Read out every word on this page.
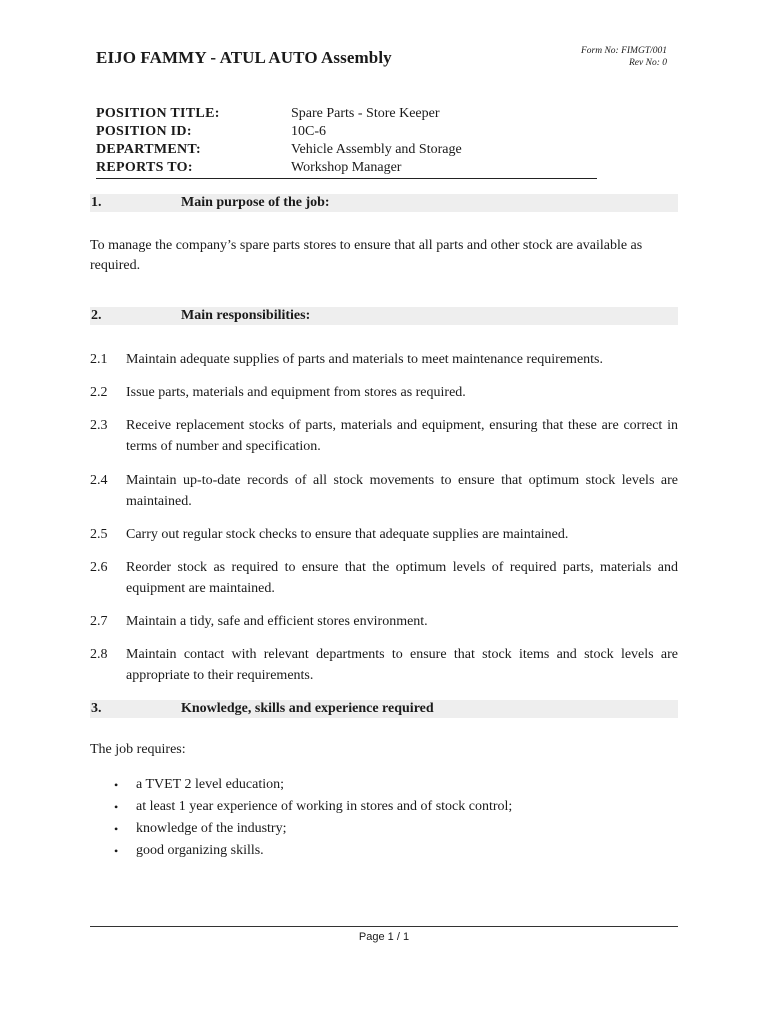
EIJO FAMMY - ATUL AUTO Assembly	Form No: FIMGT/001
Rev No: 0
POSITION TITLE:	Spare Parts - Store Keeper
POSITION ID:	10C-6
DEPARTMENT:	Vehicle Assembly and Storage
REPORTS TO:	Workshop Manager
1.	Main purpose of the job:

To manage the company’s spare parts stores to ensure that all parts and other stock are available as required.

2.	Main responsibilities:
2.1 Maintain adequate supplies of parts and materials to meet maintenance requirements.
2.2 Issue parts, materials and equipment from stores as required.
2.3 Receive replacement stocks of parts, materials and equipment, ensuring that these are correct in terms of number and specification.
2.4 Maintain up-to-date records of all stock movements to ensure that optimum stock levels are maintained.
2.5 Carry out regular stock checks to ensure that adequate supplies are maintained.
2.6 Reorder stock as required to ensure that the optimum levels of required parts, materials and equipment are maintained.
2.7 Maintain a tidy, safe and efficient stores environment.
2.8 Maintain contact with relevant departments to ensure that stock items and stock levels are appropriate to their requirements.
3.	Knowledge, skills and experience required

The job requires:

• a TVET 2 level education;
• at least 1 year experience of working in stores and of stock control;
• knowledge of the industry;
• good organizing skills.
Page 1 / 1
